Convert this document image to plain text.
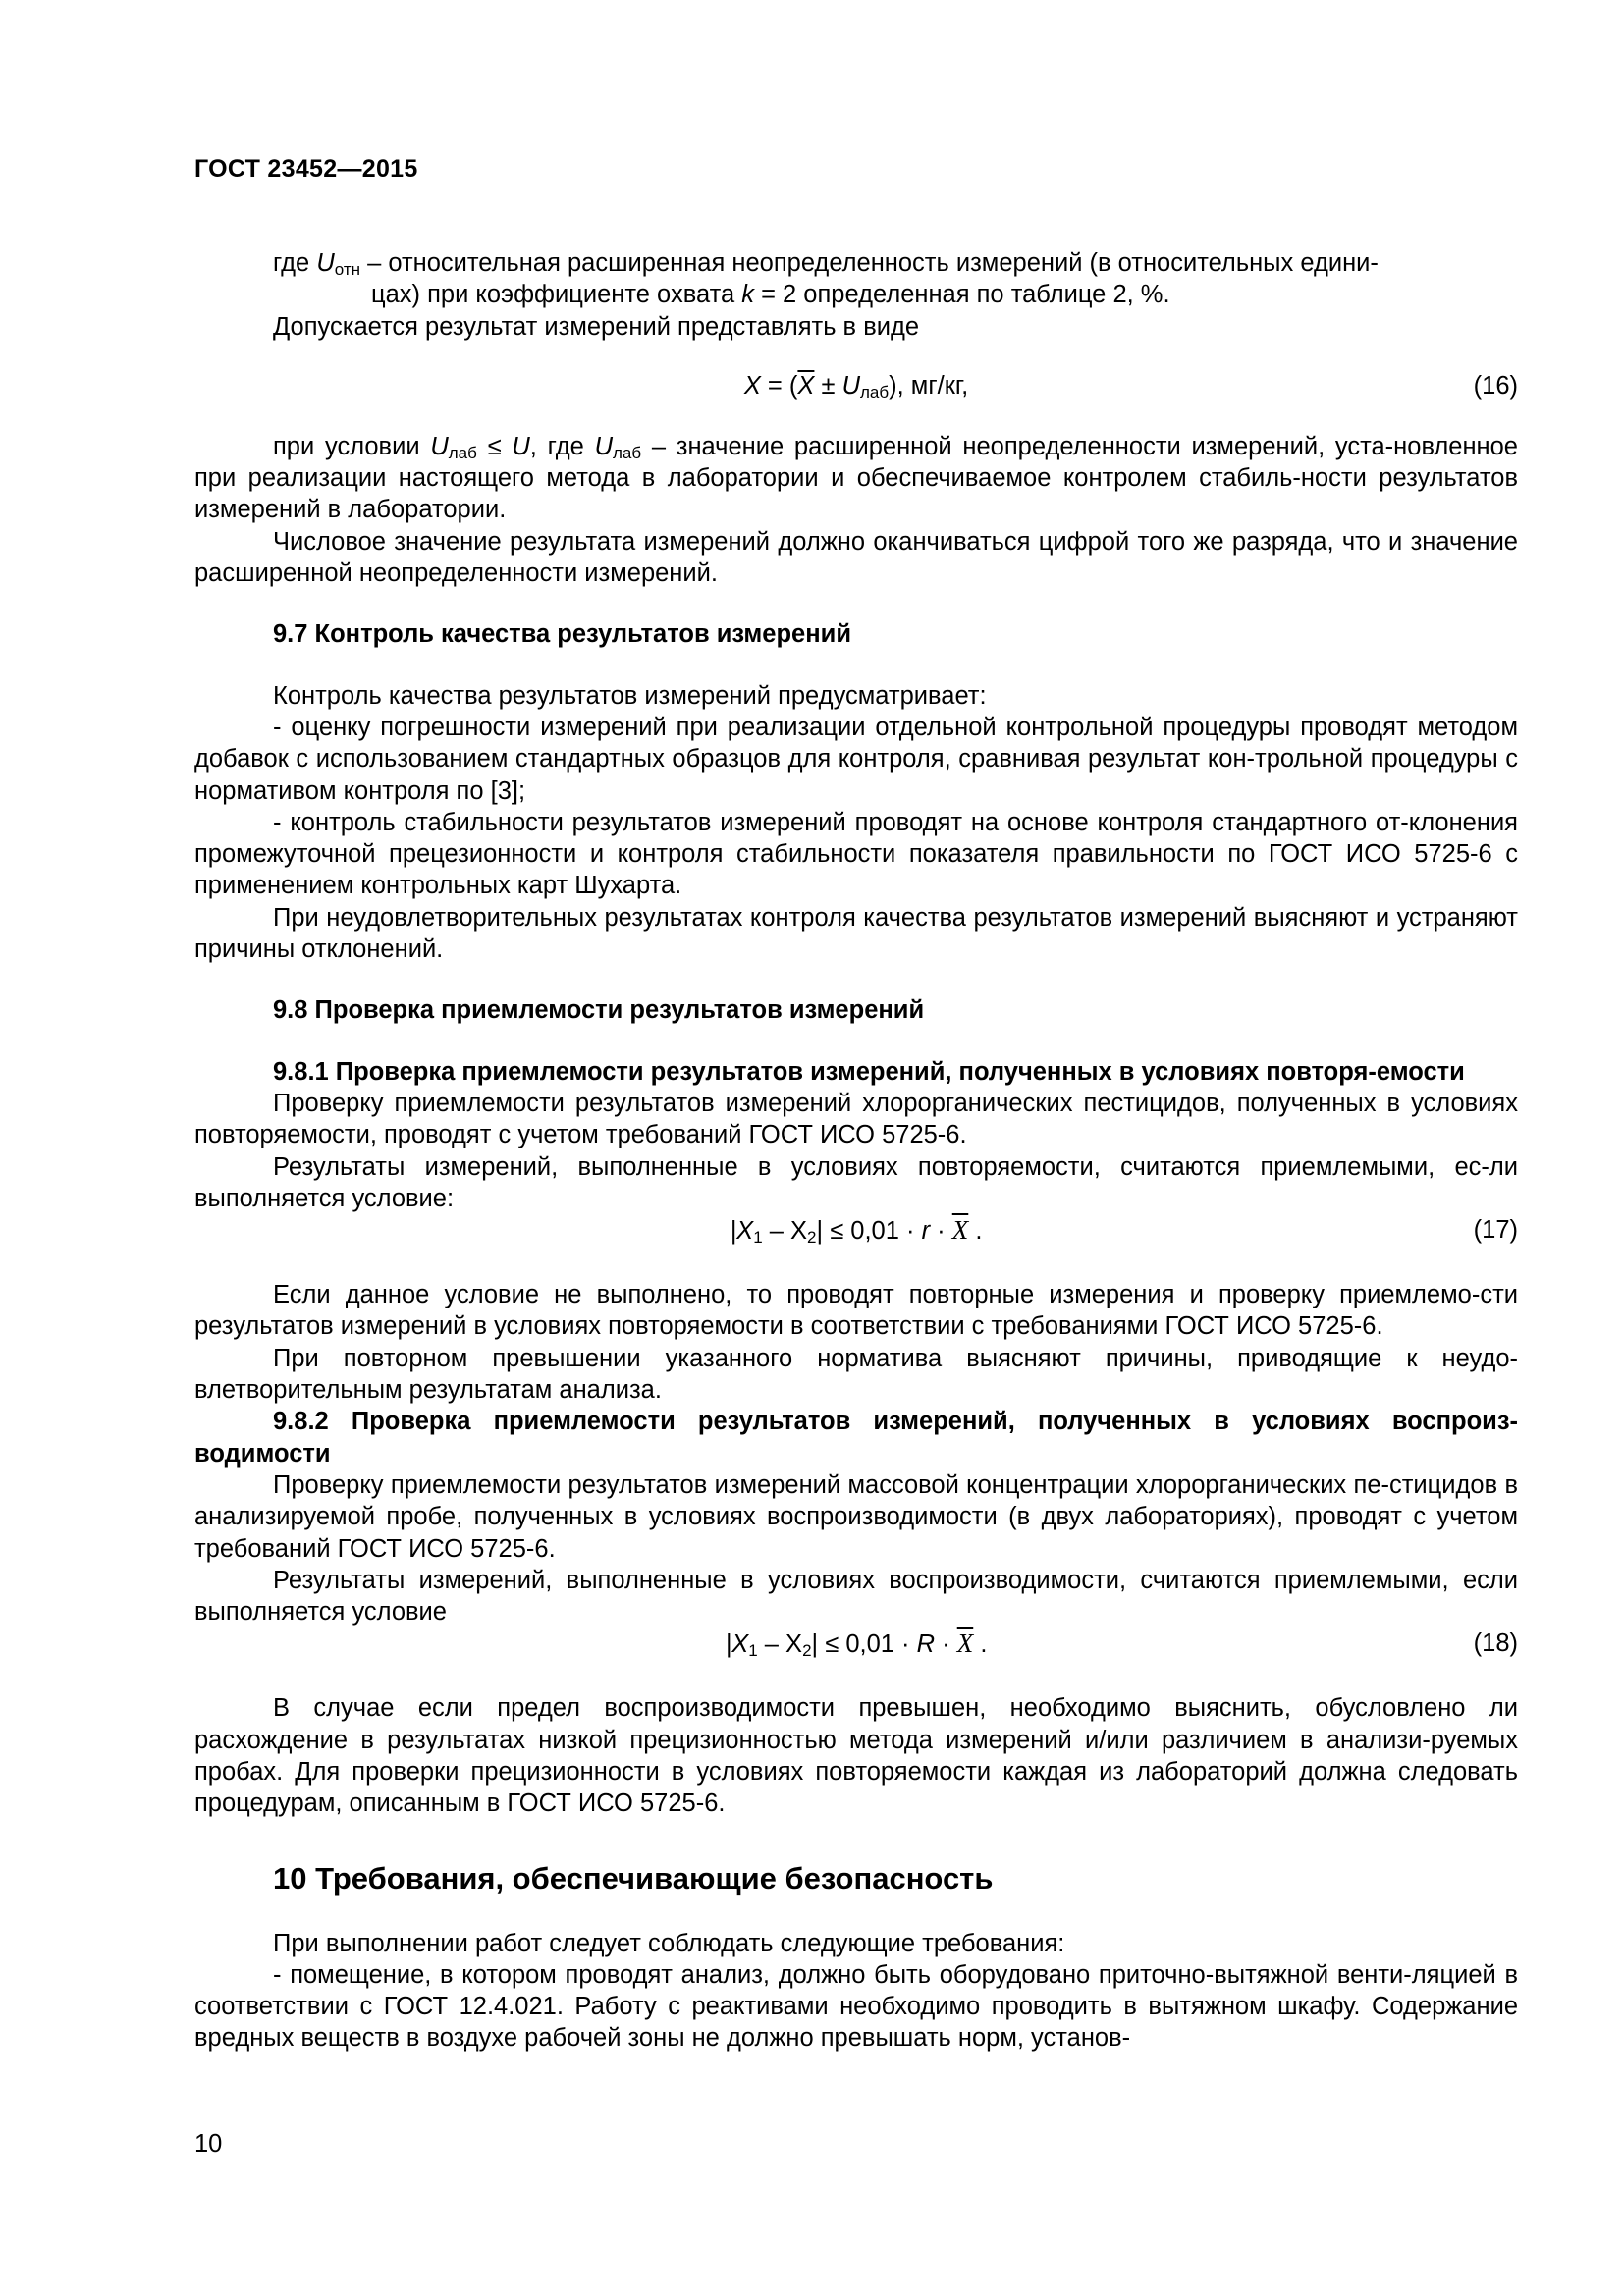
ГОСТ 23452—2015

где $U_{отн}$ – относительная расширенная неопределенность измерений (в относительных едини-
цах) при коэффициенте охвата k = 2 определенная по таблице 2, %.

Допускается результат измерений представлять в виде

$X = (\overline{X} \pm U_{лаб})$, мг/кг,	(16)

при условии $U_{лаб} \le U$, где $U_{лаб}$ – значение расширенной неопределенности измерений, уста-новленное при реализации настоящего метода в лаборатории и обеспечиваемое контролем стабиль-ности результатов измерений в лаборатории.

Числовое значение результата измерений должно оканчиваться цифрой того же разряда, что и значение расширенной неопределенности измерений.

9.7 Контроль качества результатов измерений

Контроль качества результатов измерений предусматривает:

- оценку погрешности измерений при реализации отдельной контрольной процедуры проводят методом добавок с использованием стандартных образцов для контроля, сравнивая результат кон-трольной процедуры с нормативом контроля по [3];

- контроль стабильности результатов измерений проводят на основе контроля стандартного от-клонения промежуточной прецезионности и контроля стабильности показателя правильности по ГОСТ ИСО 5725-6 с применением контрольных карт Шухарта.

При неудовлетворительных результатах контроля качества результатов измерений выясняют и устраняют причины отклонений.

9.8 Проверка приемлемости результатов измерений

9.8.1 Проверка приемлемости результатов измерений, полученных в условиях повторя-емости

Проверку приемлемости результатов измерений хлорорганических пестицидов, полученных в условиях повторяемости, проводят с учетом требований ГОСТ ИСО 5725-6.

Результаты измерений, выполненные в условиях повторяемости, считаются приемлемыми, ес-ли выполняется условие:

$|X_1 - X_2| \le 0,01 \cdot r \cdot \overline{X}$ .	(17)

Если данное условие не выполнено, то проводят повторные измерения и проверку приемлемо-сти результатов измерений в условиях повторяемости в соответствии с требованиями ГОСТ ИСО 5725-6.

При повторном превышении указанного норматива выясняют причины, приводящие к неудо-влетворительным результатам анализа.

9.8.2 Проверка приемлемости результатов измерений, полученных в условиях воспроиз-водимости

Проверку приемлемости результатов измерений массовой концентрации хлорорганических пе-стицидов в анализируемой пробе, полученных в условиях воспроизводимости (в двух лабораториях), проводят с учетом требований ГОСТ ИСО 5725-6.

Результаты измерений, выполненные в условиях воспроизводимости, считаются приемлемыми, если выполняется условие

$|X_1 - X_2| \le 0,01 \cdot R \cdot \overline{X}$ .	(18)

В случае если предел воспроизводимости превышен, необходимо выяснить, обусловлено ли расхождение в результатах низкой прецизионностью метода измерений и/или различием в анализи-руемых пробах. Для проверки прецизионности в условиях повторяемости каждая из лабораторий должна следовать процедурам, описанным в ГОСТ ИСО 5725-6.

10 Требования, обеспечивающие безопасность

При выполнении работ следует соблюдать следующие требования:

- помещение, в котором проводят анализ, должно быть оборудовано приточно-вытяжной венти-ляцией в соответствии с ГОСТ 12.4.021. Работу с реактивами необходимо проводить в вытяжном шкафу. Содержание вредных веществ в воздухе рабочей зоны не должно превышать норм, установ-

10
